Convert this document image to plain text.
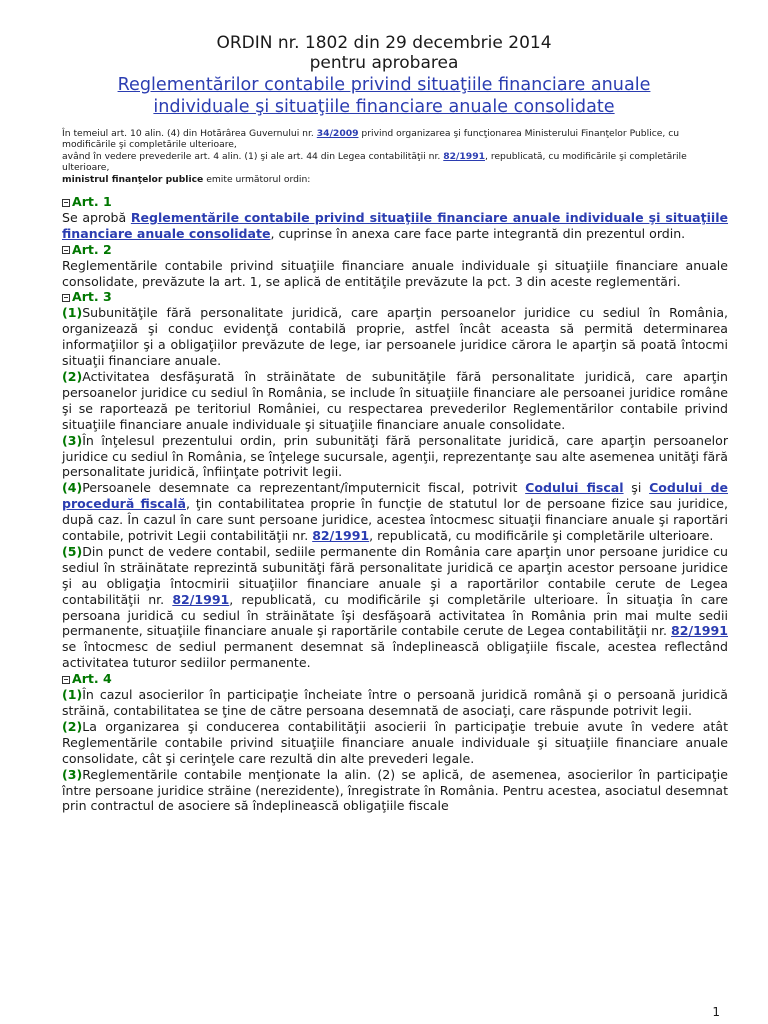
ORDIN nr. 1802 din 29 decembrie 2014
pentru aprobarea
Reglementărilor contabile privind situaţiile financiare anuale
individuale şi situaţiile financiare anuale consolidate
În temeiul art. 10 alin. (4) din Hotărârea Guvernului nr. 34/2009 privind organizarea şi funcţionarea Ministerului Finanţelor Publice, cu modificările şi completările ulterioare,
având în vedere prevederile art. 4 alin. (1) şi ale art. 44 din Legea contabilităţii nr. 82/1991, republicată, cu modificările şi completările ulterioare,
ministrul finanţelor publice emite următorul ordin:
Art. 1

Se aprobă Reglementările contabile privind situaţiile financiare anuale individuale şi situaţiile financiare anuale consolidate, cuprinse în anexa care face parte integrantă din prezentul ordin.

Art. 2

Reglementările contabile privind situaţiile financiare anuale individuale şi situaţiile financiare anuale consolidate, prevăzute la art. 1, se aplică de entităţile prevăzute la pct. 3 din aceste reglementări.

Art. 3

(1)Subunităţile fără personalitate juridică, care aparţin persoanelor juridice cu sediul în România, organizează şi conduc evidenţă contabilă proprie, astfel încât aceasta să permită determinarea informaţiilor şi a obligaţiilor prevăzute de lege, iar persoanele juridice cărora le aparţin să poată întocmi situaţii financiare anuale.

(2)Activitatea desfăşurată în străinătate de subunităţile fără personalitate juridică, care aparţin persoanelor juridice cu sediul în România, se include în situaţiile financiare ale persoanei juridice române şi se raportează pe teritoriul României, cu respectarea prevederilor Reglementărilor contabile privind situaţiile financiare anuale individuale şi situaţiile financiare anuale consolidate.

(3)În înţelesul prezentului ordin, prin subunităţi fără personalitate juridică, care aparţin persoanelor juridice cu sediul în România, se înţelege sucursale, agenţii, reprezentanţe sau alte asemenea unităţi fără personalitate juridică, înfiinţate potrivit legii.

(4)Persoanele desemnate ca reprezentant/împuternicit fiscal, potrivit Codului fiscal şi Codului de procedură fiscală, ţin contabilitatea proprie în funcţie de statutul lor de persoane fizice sau juridice, după caz. În cazul în care sunt persoane juridice, acestea întocmesc situaţii financiare anuale şi raportări contabile, potrivit Legii contabilităţii nr. 82/1991, republicată, cu modificările şi completările ulterioare.

(5)Din punct de vedere contabil, sediile permanente din România care aparţin unor persoane juridice cu sediul în străinătate reprezintă subunităţi fără personalitate juridică ce aparţin acestor persoane juridice şi au obligaţia întocmirii situaţiilor financiare anuale şi a raportărilor contabile cerute de Legea contabilităţii nr. 82/1991, republicată, cu modificările şi completările ulterioare. În situaţia în care persoana juridică cu sediul în străinătate îşi desfăşoară activitatea în România prin mai multe sedii permanente, situaţiile financiare anuale şi raportările contabile cerute de Legea contabilităţii nr. 82/1991 se întocmesc de sediul permanent desemnat să îndeplinească obligaţiile fiscale, acestea reflectând activitatea tuturor sediilor permanente.

Art. 4

(1)În cazul asocierilor în participaţie încheiate între o persoană juridică română şi o persoană juridică străină, contabilitatea se ţine de către persoana desemnată de asociaţi, care răspunde potrivit legii.

(2)La organizarea şi conducerea contabilităţii asocierii în participaţie trebuie avute în vedere atât Reglementările contabile privind situaţiile financiare anuale individuale şi situaţiile financiare anuale consolidate, cât şi cerinţele care rezultă din alte prevederi legale.

(3)Reglementările contabile menţionate la alin. (2) se aplică, de asemenea, asocierilor în participaţie între persoane juridice străine (nerezidente), înregistrate în România. Pentru acestea, asociatul desemnat prin contractul de asociere să îndeplinească obligaţiile fiscale

1
